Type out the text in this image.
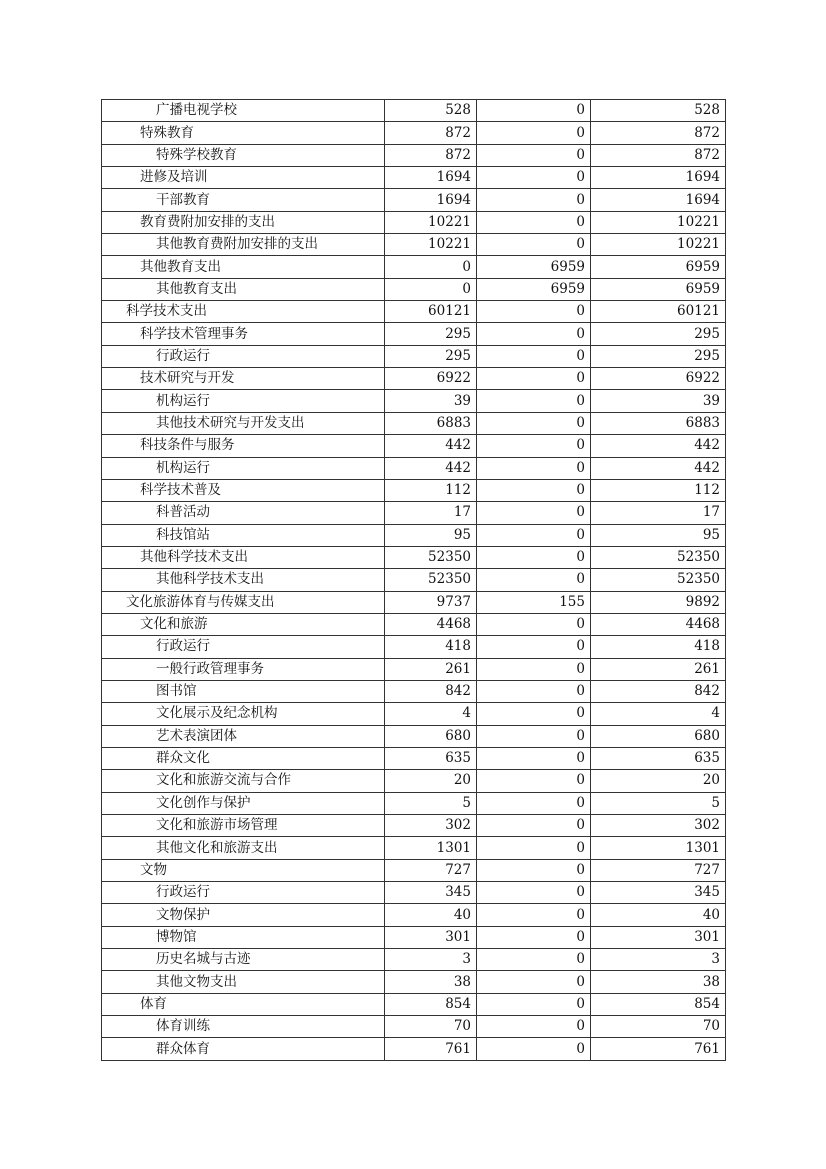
广播电视学校	528	0	528
特殊教育	872	0	872
特殊学校教育	872	0	872
进修及培训	1694	0	1694
干部教育	1694	0	1694
教育费附加安排的支出	10221	0	10221
其他教育费附加安排的支出	10221	0	10221
其他教育支出	0	6959	6959
其他教育支出	0	6959	6959
科学技术支出	60121	0	60121
科学技术管理事务	295	0	295
行政运行	295	0	295
技术研究与开发	6922	0	6922
机构运行	39	0	39
其他技术研究与开发支出	6883	0	6883
科技条件与服务	442	0	442
机构运行	442	0	442
科学技术普及	112	0	112
科普活动	17	0	17
科技馆站	95	0	95
其他科学技术支出	52350	0	52350
其他科学技术支出	52350	0	52350
文化旅游体育与传媒支出	9737	155	9892
文化和旅游	4468	0	4468
行政运行	418	0	418
一般行政管理事务	261	0	261
图书馆	842	0	842
文化展示及纪念机构	4	0	4
艺术表演团体	680	0	680
群众文化	635	0	635
文化和旅游交流与合作	20	0	20
文化创作与保护	5	0	5
文化和旅游市场管理	302	0	302
其他文化和旅游支出	1301	0	1301
文物	727	0	727
行政运行	345	0	345
文物保护	40	0	40
博物馆	301	0	301
历史名城与古迹	3	0	3
其他文物支出	38	0	38
体育	854	0	854
体育训练	70	0	70
群众体育	761	0	761
